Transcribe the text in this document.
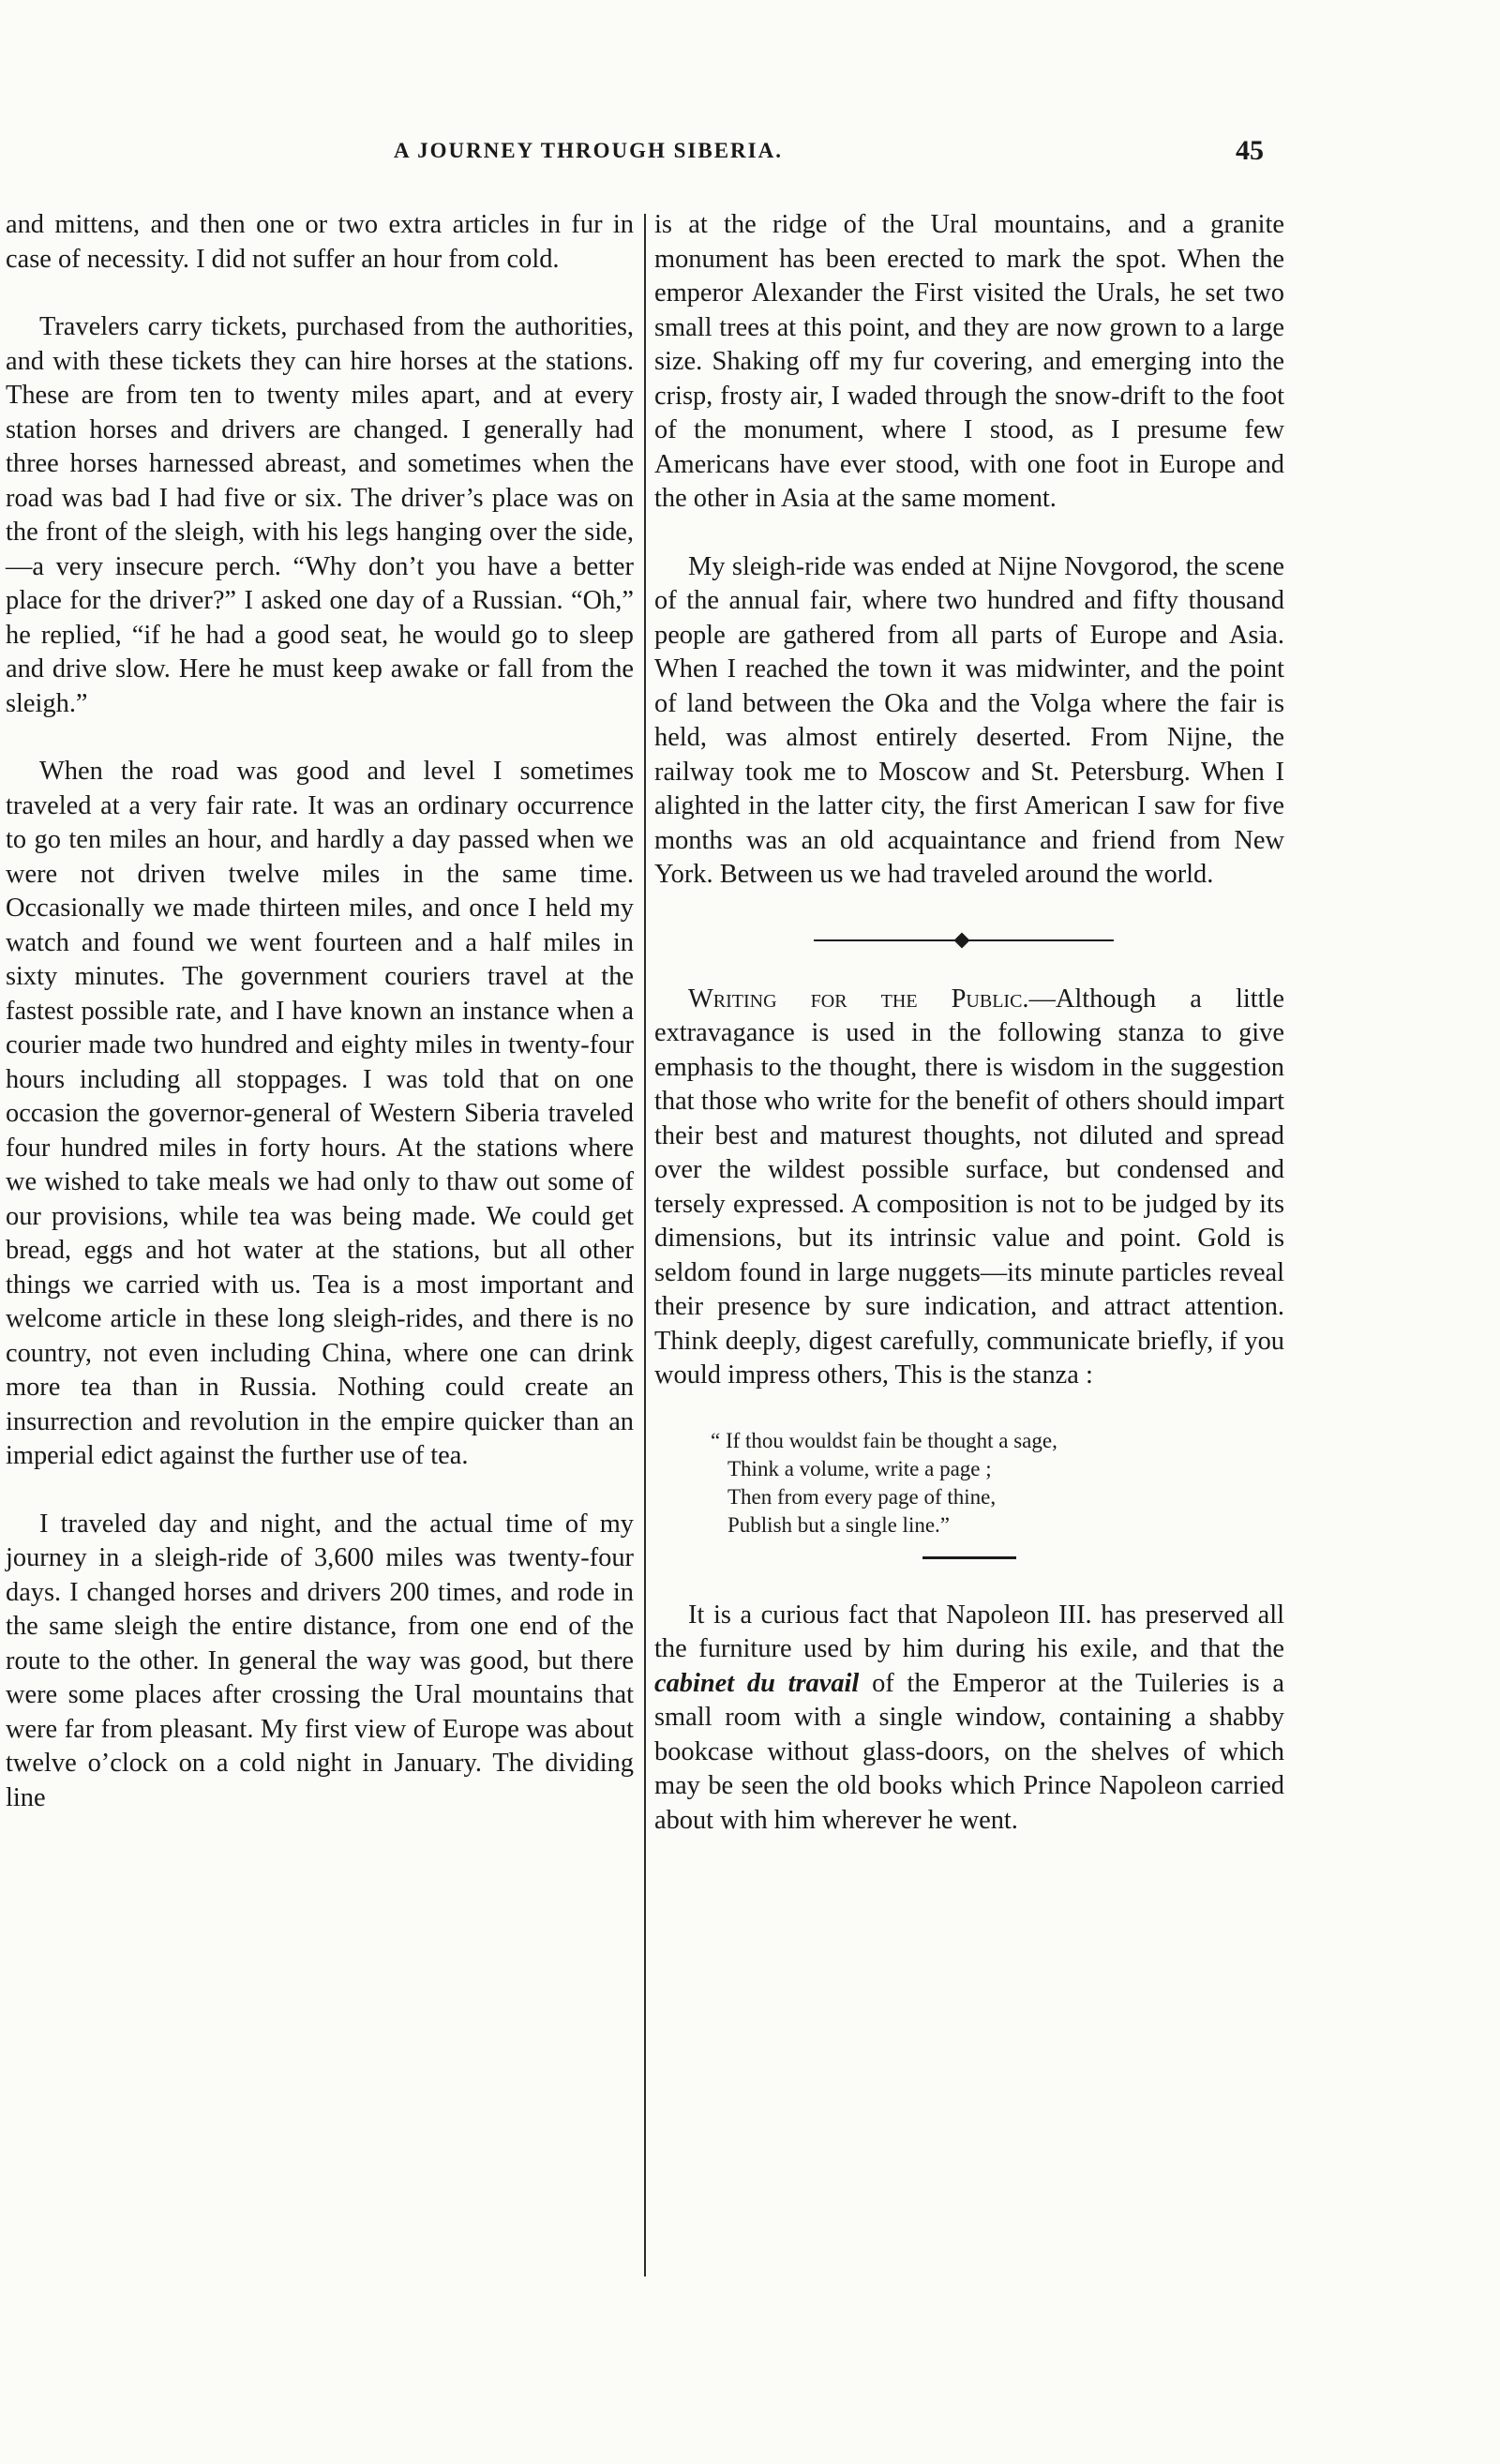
A JOURNEY THROUGH SIBERIA.	45

and mittens, and then one or two extra articles in fur in case of necessity. I did not suffer an hour from cold.

Travelers carry tickets, purchased from the authorities, and with these tickets they can hire horses at the stations. These are from ten to twenty miles apart, and at every station horses and drivers are changed. I generally had three horses harnessed abreast, and sometimes when the road was bad I had five or six. The driver’s place was on the front of the sleigh, with his legs hanging over the side,—a very insecure perch. “Why don’t you have a better place for the driver?” I asked one day of a Russian. “Oh,” he replied, “if he had a good seat, he would go to sleep and drive slow. Here he must keep awake or fall from the sleigh.”

When the road was good and level I sometimes traveled at a very fair rate. It was an ordinary occurrence to go ten miles an hour, and hardly a day passed when we were not driven twelve miles in the same time. Occasionally we made thirteen miles, and once I held my watch and found we went fourteen and a half miles in sixty minutes. The government couriers travel at the fastest possible rate, and I have known an instance when a courier made two hundred and eighty miles in twenty-four hours including all stoppages. I was told that on one occasion the governor-general of Western Siberia traveled four hundred miles in forty hours. At the stations where we wished to take meals we had only to thaw out some of our provisions, while tea was being made. We could get bread, eggs and hot water at the stations, but all other things we carried with us. Tea is a most important and welcome article in these long sleigh-rides, and there is no country, not even including China, where one can drink more tea than in Russia. Nothing could create an insurrection and revolution in the empire quicker than an imperial edict against the further use of tea.

I traveled day and night, and the actual time of my journey in a sleigh-ride of 3,600 miles was twenty-four days. I changed horses and drivers 200 times, and rode in the same sleigh the entire distance, from one end of the route to the other. In general the way was good, but there were some places after crossing the Ural mountains that were far from pleasant. My first view of Europe was about twelve o’clock on a cold night in January. The dividing line

is at the ridge of the Ural mountains, and a granite monument has been erected to mark the spot. When the emperor Alexander the First visited the Urals, he set two small trees at this point, and they are now grown to a large size. Shaking off my fur covering, and emerging into the crisp, frosty air, I waded through the snow-drift to the foot of the monument, where I stood, as I presume few Americans have ever stood, with one foot in Europe and the other in Asia at the same moment.

My sleigh-ride was ended at Nijne Novgorod, the scene of the annual fair, where two hundred and fifty thousand people are gathered from all parts of Europe and Asia. When I reached the town it was midwinter, and the point of land between the Oka and the Volga where the fair is held, was almost entirely deserted. From Nijne, the railway took me to Moscow and St. Petersburg. When I alighted in the latter city, the first American I saw for five months was an old acquaintance and friend from New York. Between us we had traveled around the world.

Writing for the Public.—Although a little extravagance is used in the following stanza to give emphasis to the thought, there is wisdom in the suggestion that those who write for the benefit of others should impart their best and maturest thoughts, not diluted and spread over the wildest possible surface, but condensed and tersely expressed. A composition is not to be judged by its dimensions, but its intrinsic value and point. Gold is seldom found in large nuggets—its minute particles reveal their presence by sure indication, and attract attention. Think deeply, digest carefully, communicate briefly, if you would impress others, This is the stanza :

“ If thou wouldst fain be thought a sage,
Think a volume, write a page ;
Then from every page of thine,
Publish but a single line.”

It is a curious fact that Napoleon III. has preserved all the furniture used by him during his exile, and that the cabinet du travail of the Emperor at the Tuileries is a small room with a single window, containing a shabby bookcase without glass-doors, on the shelves of which may be seen the old books which Prince Napoleon carried about with him wherever he went.
